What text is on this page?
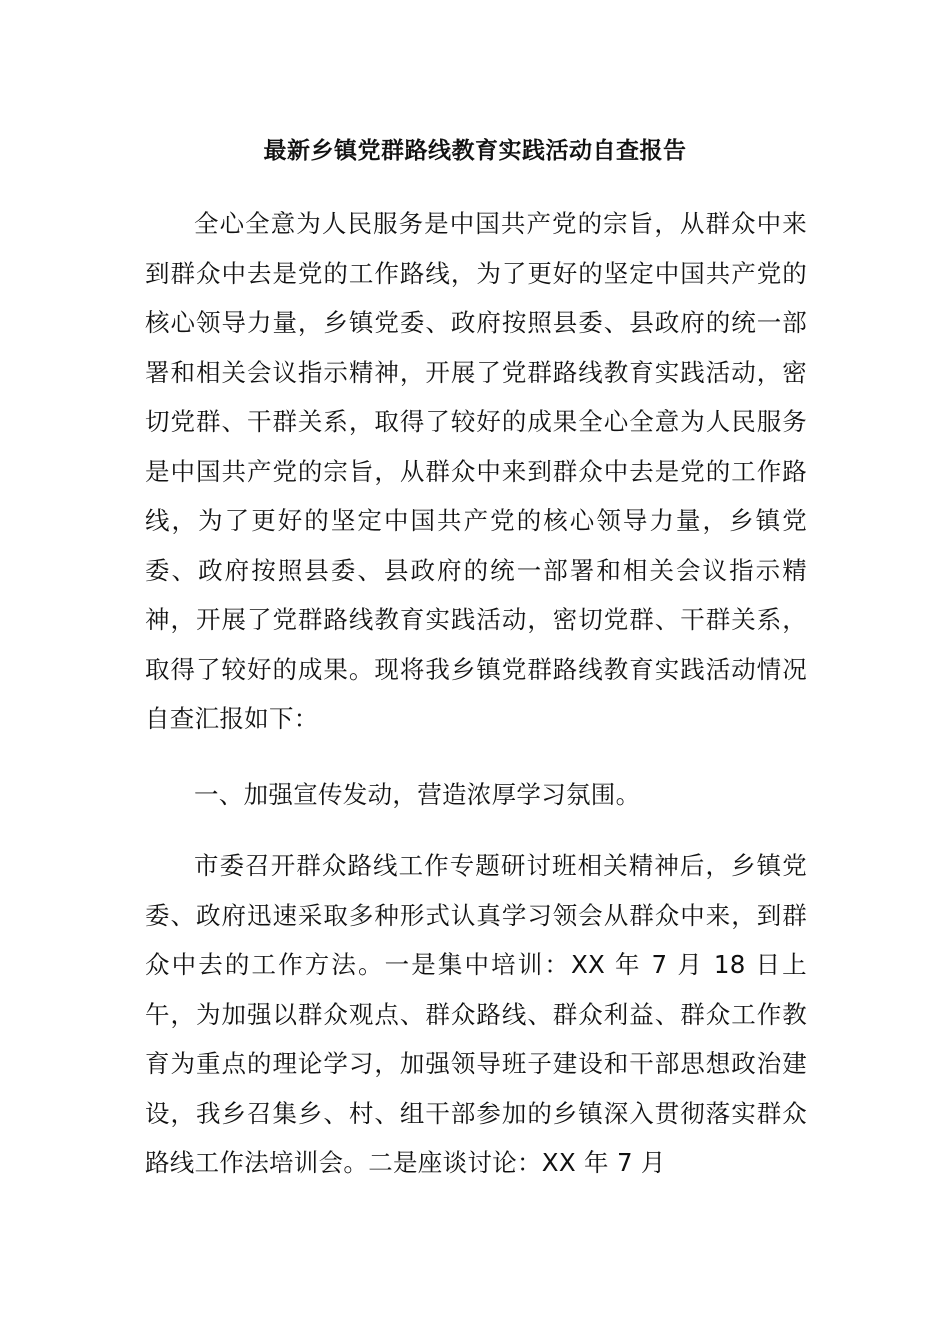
最新乡镇党群路线教育实践活动自查报告

全心全意为人民服务是中国共产党的宗旨，从群众中来到群众中去是党的工作路线，为了更好的坚定中国共产党的核心领导力量，乡镇党委、政府按照县委、县政府的统一部署和相关会议指示精神，开展了党群路线教育实践活动，密切党群、干群关系，取得了较好的成果全心全意为人民服务是中国共产党的宗旨，从群众中来到群众中去是党的工作路线，为了更好的坚定中国共产党的核心领导力量，乡镇党委、政府按照县委、县政府的统一部署和相关会议指示精神，开展了党群路线教育实践活动，密切党群、干群关系，取得了较好的成果。现将我乡镇党群路线教育实践活动情况自查汇报如下：

一、加强宣传发动，营造浓厚学习氛围。

市委召开群众路线工作专题研讨班相关精神后，乡镇党委、政府迅速采取多种形式认真学习领会从群众中来，到群众中去的工作方法。一是集中培训：XX 年 7 月 18 日上午，为加强以群众观点、群众路线、群众利益、群众工作教育为重点的理论学习，加强领导班子建设和干部思想政治建设，我乡召集乡、村、组干部参加的乡镇深入贯彻落实群众路线工作法培训会。二是座谈讨论：XX 年 7 月
